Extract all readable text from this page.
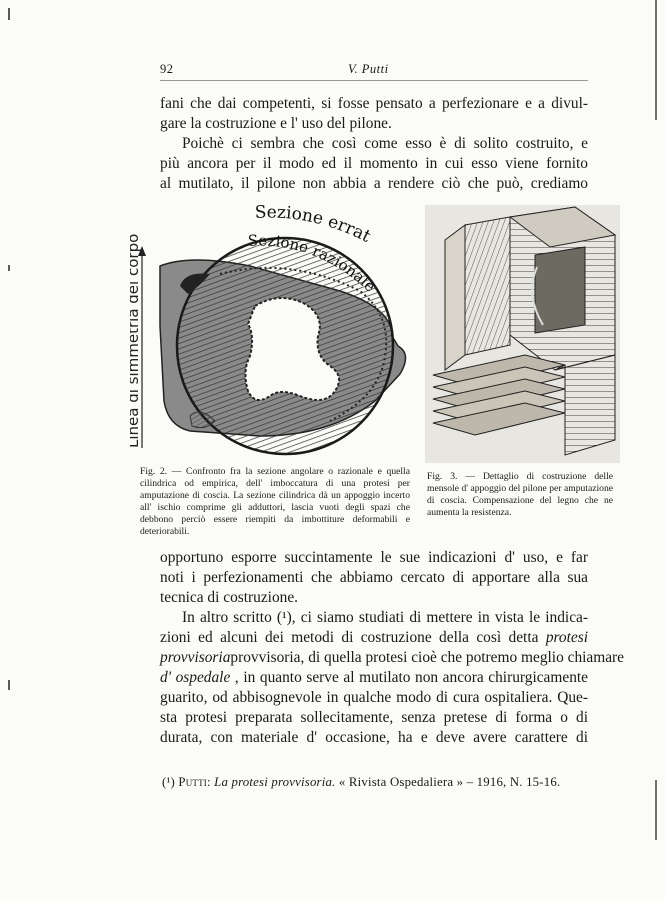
92	V. Putti

fani che dai competenti, si fosse pensato a perfezionare e a divul-
gare la costruzione e l' uso del pilone.

Poichè ci sembra che così come esso è di solito costruito, e
più ancora per il modo ed il momento in cui esso viene fornito
al mutilato, il pilone non abbia a rendere ciò che può, crediamo

Linea di simmetria del corpo
Sezione errat
Sezione razionale
Fig. 2. — Confronto fra la sezione angolare o razionale e quella cilindrica od empirica, dell' imboccatura di una protesi per amputazione di coscia. La sezione cilindrica dà un appoggio incerto all' ischio comprime gli adduttori, lascia vuoti degli spazi che debbono perciò essere riempiti da imbottiture deformabili e deteriorabili.
Fig. 3. — Dettaglio di costruzione delle mensole d' appoggio del pilone per amputazione di coscia. Compensazione del legno che ne aumenta la resistenza.

opportuno esporre succintamente le sue indicazioni d' uso, e far
noti i perfezionamenti che abbiamo cercato di apportare alla sua
tecnica di costruzione.

In altro scritto (¹), ci siamo studiati di mettere in vista le indica-
zioni ed alcuni dei metodi di costruzione della così detta protesi
provvisoriaprovvisoria, di quella protesi cioè che potremo meglio chiamare
d' ospedale , in quanto serve al mutilato non ancora chirurgicamente
guarito, od abbisognevole in qualche modo di cura ospitaliera. Que-
sta protesi preparata sollecitamente, senza pretese di forma o di
durata, con materiale d' occasione, ha e deve avere carattere di

(¹) Putti: La protesi provvisoria. « Rivista Ospedaliera » – 1916, N. 15-16.
